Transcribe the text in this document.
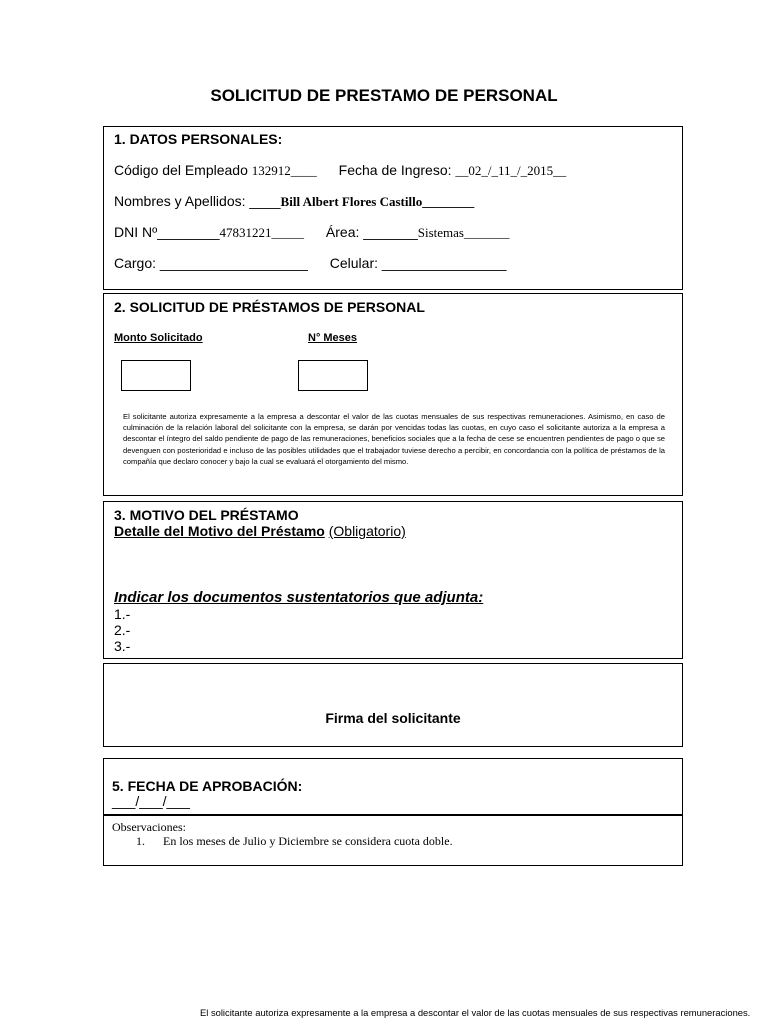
SOLICITUD DE PRESTAMO DE PERSONAL
1. DATOS PERSONALES:
Código del Empleado 132912____ Fecha de Ingreso: __02_/_11_/_2015__
Nombres y Apellidos: ____Bill Albert Flores Castillo________
DNI Nº________47831221_____ Área: _______Sistemas_______
Cargo: ___________________ Celular: ________________
2. SOLICITUD DE PRÉSTAMOS DE PERSONAL
Monto Solicitado	N° Meses

El solicitante autoriza expresamente a la empresa a descontar el valor de las cuotas mensuales de sus respectivas remuneraciones. Asimismo, en caso de culminación de la relación laboral del solicitante con la empresa, se darán por vencidas todas las cuotas, en cuyo caso el solicitante autoriza a la empresa a descontar el íntegro del saldo pendiente de pago de las remuneraciones, beneficios sociales que a la fecha de cese se encuentren pendientes de pago o que se devenguen con posterioridad e incluso de las posibles utilidades que el trabajador tuviese derecho a percibir, en concordancia con la política de préstamos de la compañía que declaro conocer y bajo la cual se evaluará el otorgamiento del mismo.

3. MOTIVO DEL PRÉSTAMO
Detalle del Motivo del Préstamo (Obligatorio)
Indicar los documentos sustentatorios que adjunta:
1.-
2.-
3.-
Firma del solicitante
5. FECHA DE APROBACIÓN:
___/___/___
Observaciones:
1. En los meses de Julio y Diciembre se considera cuota doble.
El solicitante autoriza expresamente a la empresa a descontar el valor de las cuotas mensuales de sus respectivas remuneraciones.
